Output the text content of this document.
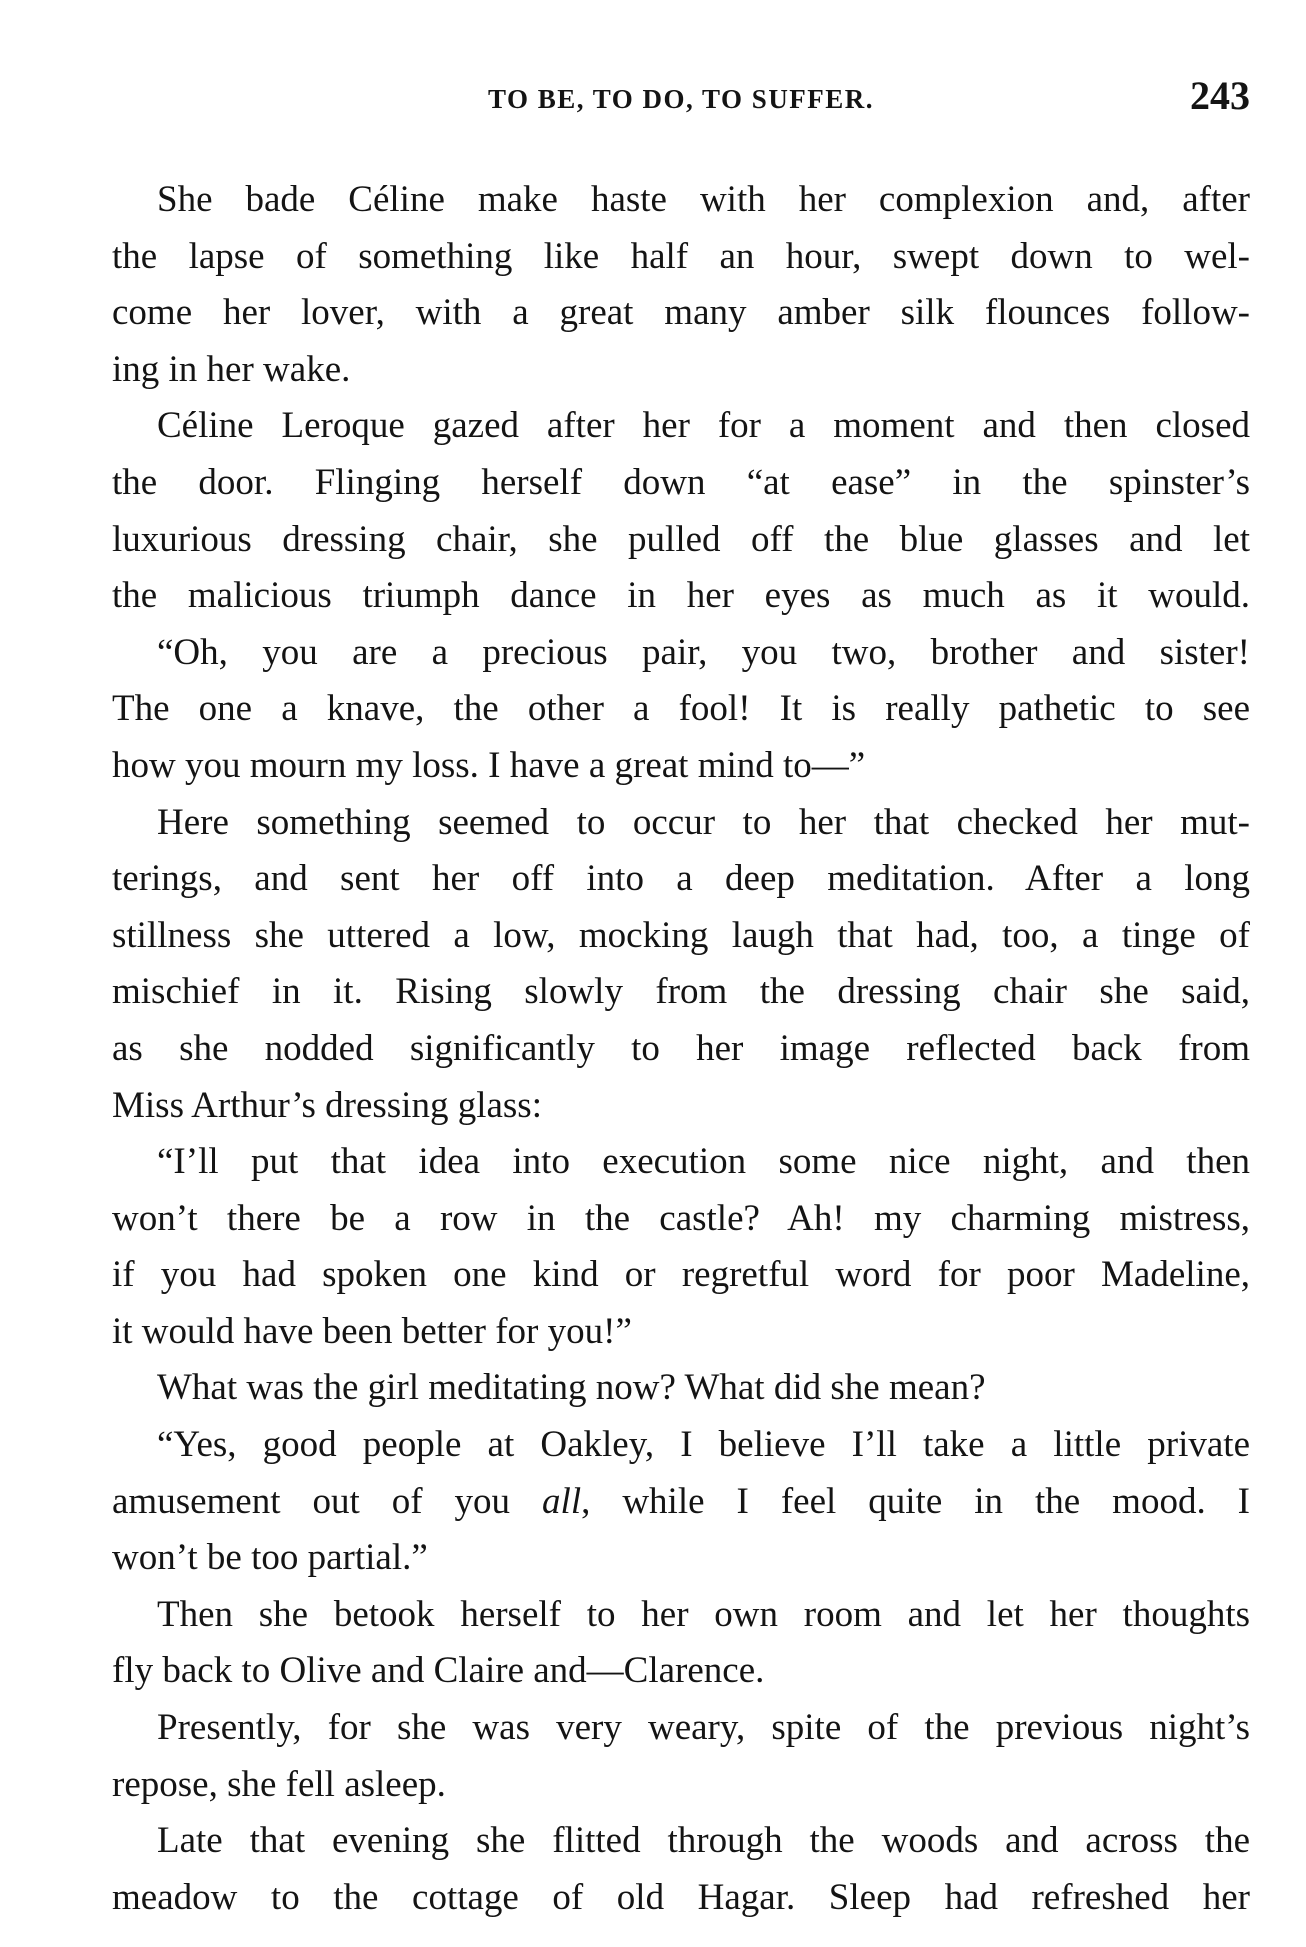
TO BE, TO DO, TO SUFFER.	243

She bade Céline make haste with her complexion and, after
the lapse of something like half an hour, swept down to wel-
come her lover, with a great many amber silk flounces follow-
ing in her wake.

Céline Leroque gazed after her for a moment and then closed
the door. Flinging herself down “at ease” in the spinster’s
luxurious dressing chair, she pulled off the blue glasses and let
the malicious triumph dance in her eyes as much as it would.

“Oh, you are a precious pair, you two, brother and sister!
The one a knave, the other a fool! It is really pathetic to see
how you mourn my loss. I have a great mind to—”

Here something seemed to occur to her that checked her mut-
terings, and sent her off into a deep meditation. After a long
stillness she uttered a low, mocking laugh that had, too, a tinge of
mischief in it. Rising slowly from the dressing chair she said,
as she nodded significantly to her image reflected back from
Miss Arthur’s dressing glass:

“I’ll put that idea into execution some nice night, and then
won’t there be a row in the castle? Ah! my charming mistress,
if you had spoken one kind or regretful word for poor Madeline,
it would have been better for you!”

What was the girl meditating now? What did she mean?

“Yes, good people at Oakley, I believe I’ll take a little private
amusement out of you all, while I feel quite in the mood. I
won’t be too partial.”

Then she betook herself to her own room and let her thoughts
fly back to Olive and Claire and—Clarence.

Presently, for she was very weary, spite of the previous night’s
repose, she fell asleep.

Late that evening she flitted through the woods and across the
meadow to the cottage of old Hagar. Sleep had refreshed her
